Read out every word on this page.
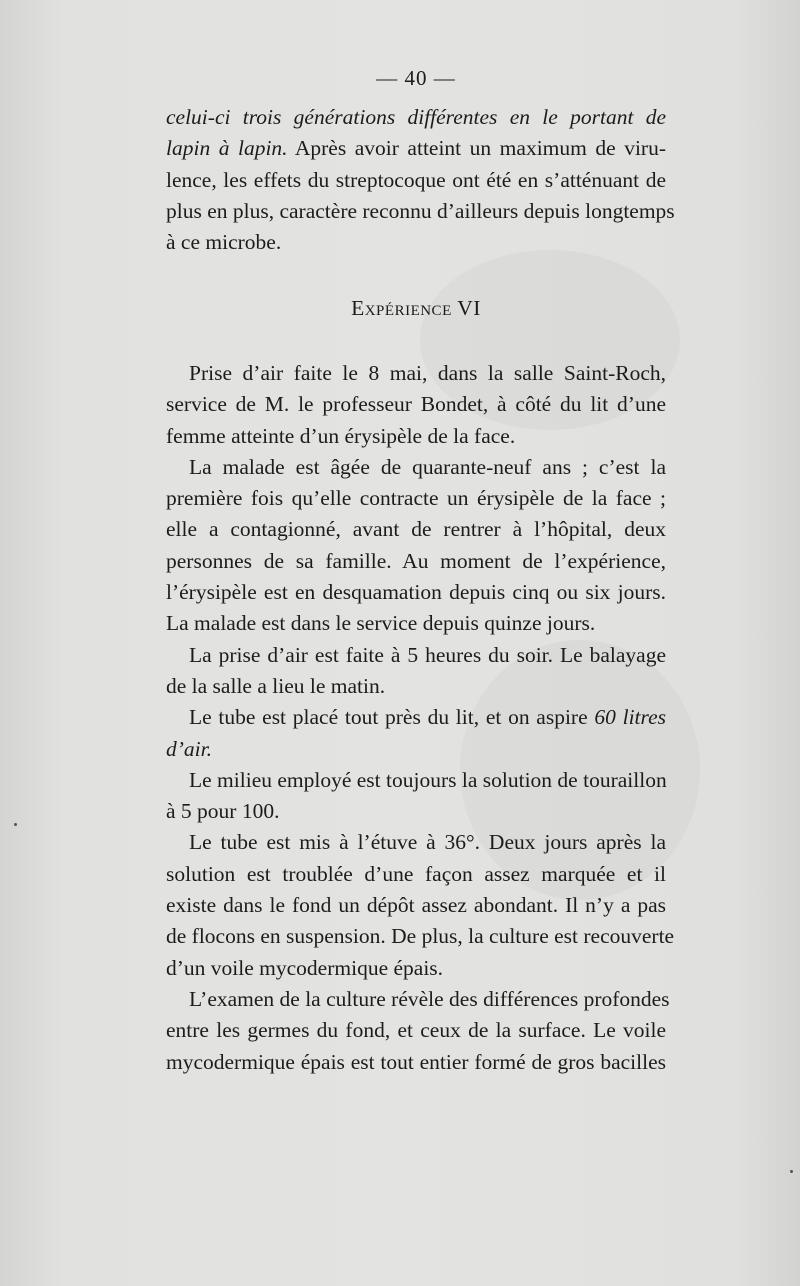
— 40 —
celui-ci trois générations différentes en le portant de
lapin à lapin. Après avoir atteint un maximum de viru-
lence, les effets du streptocoque ont été en s’atténuant de
plus en plus, caractère reconnu d’ailleurs depuis longtemps
à ce microbe.
Expérience VI
Prise d’air faite le 8 mai, dans la salle Saint-Roch,
service de M. le professeur Bondet, à côté du lit d’une
femme atteinte d’un érysipèle de la face.
La malade est âgée de quarante-neuf ans ; c’est la
première fois qu’elle contracte un érysipèle de la face ;
elle a contagionné, avant de rentrer à l’hôpital, deux
personnes de sa famille. Au moment de l’expérience,
l’érysipèle est en desquamation depuis cinq ou six jours.
La malade est dans le service depuis quinze jours.
La prise d’air est faite à 5 heures du soir. Le balayage
de la salle a lieu le matin.
Le tube est placé tout près du lit, et on aspire 60 litres
d’air.
Le milieu employé est toujours la solution de touraillon
à 5 pour 100.
Le tube est mis à l’étuve à 36°. Deux jours après la
solution est troublée d’une façon assez marquée et il
existe dans le fond un dépôt assez abondant. Il n’y a pas
de flocons en suspension. De plus, la culture est recouverte
d’un voile mycodermique épais.
L’examen de la culture révèle des différences profondes
entre les germes du fond, et ceux de la surface. Le voile
mycodermique épais est tout entier formé de gros bacilles
